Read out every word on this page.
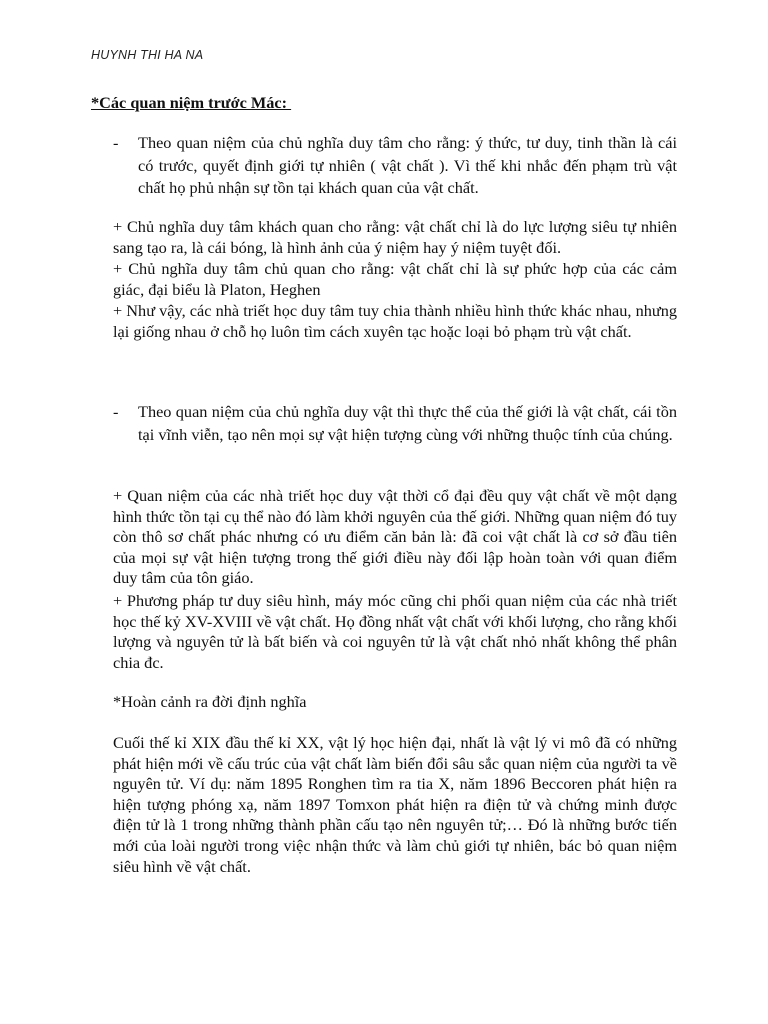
HUYNH THI HA NA
*Các quan niệm trước Mác:
- Theo quan niệm của chủ nghĩa duy tâm cho rằng: ý thức, tư duy, tinh thần là cái có trước, quyết định giới tự nhiên ( vật chất ). Vì thế khi nhắc đến phạm trù vật chất họ phủ nhận sự tồn tại khách quan của vật chất.
+ Chủ nghĩa duy tâm khách quan cho rằng: vật chất chỉ là do lực lượng siêu tự nhiên sang tạo ra, là cái bóng, là hình ảnh của ý niệm hay ý niệm tuyệt đối.
+ Chủ nghĩa duy tâm chủ quan cho rằng: vật chất chỉ là sự phức hợp của các cảm giác, đại biểu là Platon, Heghen
+ Như vậy, các nhà triết học duy tâm tuy chia thành nhiều hình thức khác nhau, nhưng lại giống nhau ở chỗ họ luôn tìm cách xuyên tạc hoặc loại bỏ phạm trù vật chất.
- Theo quan niệm của chủ nghĩa duy vật thì thực thể của thế giới là vật chất, cái tồn tại vĩnh viễn, tạo nên mọi sự vật hiện tượng cùng với những thuộc tính của chúng.
+ Quan niệm của các nhà triết học duy vật thời cổ đại đều quy vật chất về một dạng hình thức tồn tại cụ thể nào đó làm khởi nguyên của thế giới. Những quan niệm đó tuy còn thô sơ chất phác nhưng có ưu điểm căn bản là: đã coi vật chất là cơ sở đầu tiên của mọi sự vật hiện tượng trong thế giới điều này đối lập hoàn toàn với quan điểm duy tâm của tôn giáo.
+ Phương pháp tư duy siêu hình, máy móc cũng chi phối quan niệm của các nhà triết học thế kỷ XV-XVIII về vật chất. Họ đồng nhất vật chất với khối lượng, cho rằng khối lượng và nguyên tử là bất biến và coi nguyên tử là vật chất nhỏ nhất không thể phân chia đc.
*Hoàn cảnh ra đời định nghĩa
Cuối thế kỉ XIX đầu thế kỉ XX, vật lý học hiện đại, nhất là vật lý vi mô đã có những phát hiện mới về cấu trúc của vật chất làm biến đổi sâu sắc quan niệm của người ta về nguyên tử. Ví dụ: năm 1895 Ronghen tìm ra tia X, năm 1896 Beccoren phát hiện ra hiện tượng phóng xạ, năm 1897 Tomxon phát hiện ra điện tử và chứng minh được điện tử là 1 trong những thành phần cấu tạo nên nguyên tử;… Đó là những bước tiến mới của loài người trong việc nhận thức và làm chủ giới tự nhiên, bác bỏ quan niệm siêu hình về vật chất.
